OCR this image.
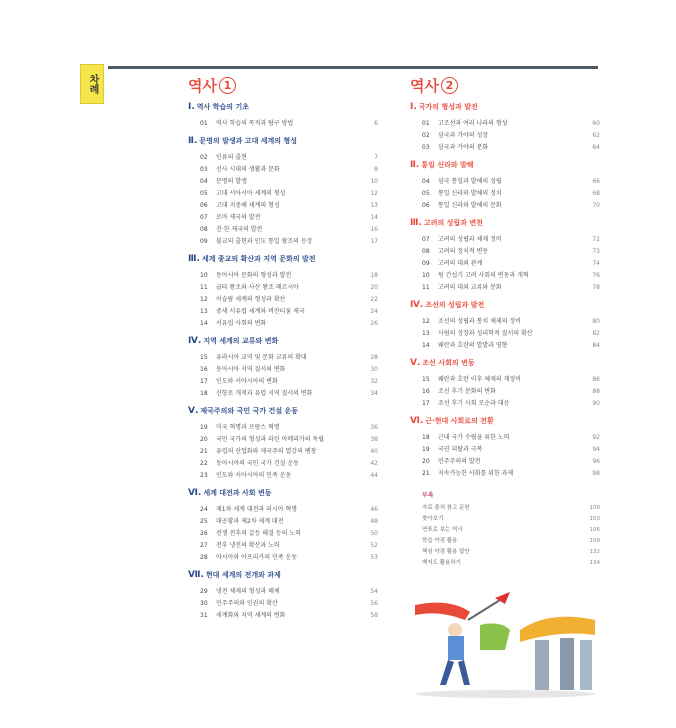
차례	역사 1
Ⅰ. 역사 학습의 기초
01	역사 학습의 목적과 탐구 방법	6
Ⅱ. 문명의 발생과 고대 세계의 형성
02	인류의 출현	7
03	선사 시대의 생활과 문화	8
04	문명의 발생	10
05	고대 서아시아 세계의 형성	12
06	고대 지중해 세계의 형성	13
07	로마 제국의 발전	14
08	진·한 제국의 발전	16
09	불교의 출현과 인도 통일 왕조의 등장	17
Ⅲ. 세계 종교의 확산과 지역 문화의 발전
10	동아시아 문화의 형성과 발전	18
11	굽타 왕조와 사산 왕조 페르시아	20
12	이슬람 세계의 형성과 확산	22
13	중세 서유럽 세계와 비잔티움 제국	24
14	서유럽 사회의 변화	26
Ⅳ. 지역 세계의 교류와 변화
15	유라시아 교역 및 문화 교류의 확대	28
16	동아시아 지역 질서의 변화	30
17	인도와 서아시아의 변화	32
18	신항로 개척과 유럽 지역 질서의 변화	34
Ⅴ. 제국주의와 국민 국가 건설 운동
19	미국 혁명과 프랑스 혁명	36
20	국민 국가의 형성과 라틴 아메리카의 독립	38
21	유럽의 산업화와 제국주의 열강의 팽창	40
22	동아시아의 국민 국가 건설 운동	42
23	인도와 서아시아의 민족 운동	44
Ⅵ. 세계 대전과 사회 변동
24	제1차 세계 대전과 러시아 혁명	46
25	대공황과 제2차 세계 대전	48
26	전쟁 전후의 갈등 해결 등의 노력	50
27	전후 냉전의 확산과 노력	52
28	아시아와 아프리카의 민족 운동	53
Ⅶ. 현대 세계의 전개와 과제
29	냉전 체제의 형성과 해체	54
30	민주주의와 인권의 확산	56
31	세계화와 지역 세계의 변화	58
역사 2
Ⅰ. 국가의 형성과 발전
01	고조선과 여러 나라의 형성	60
02	삼국과 가야의 성장	62
03	삼국과 가야의 문화	64
Ⅱ. 통일 신라와 발해
04	삼국 통일과 발해의 성립	66
05	통일 신라와 발해의 정치	68
06	통일 신라와 발해의 문화	70
Ⅲ. 고려의 성립과 변천
07	고려의 성립과 체제 정비	72
08	고려의 정치적 변동	73
09	고려의 대외 관계	74
10	원 간섭기 고려 사회의 변동과 개혁	76
11	고려의 대외 교류와 문화	78
Ⅳ. 조선의 성립과 발전
12	조선의 성립과 통치 체제의 정비	80
13	사림의 성장과 성리학적 질서의 확산	82
14	왜란과 호란의 발발과 영향	84
Ⅴ. 조선 사회의 변동
15	왜란과 호란 이후 체제의 재정비	86
16	조선 후기 문화의 변화	88
17	조선 후기 사회 모순과 대응	90
Ⅵ. 근·현대 사회로의 전환
18	근대 국가 수립을 위한 노력	92
19	국권 피탈과 극복	94
20	민주주의의 발전	96
21	지속가능한 사회를 위한 과제	98
부록
자료 출처 참고 문헌	100
찾아보기	103
연표로 보는 역사	106
학습 약점 활용	109
핵심 약점 활용 답안	132
백지도 활용하기	134
